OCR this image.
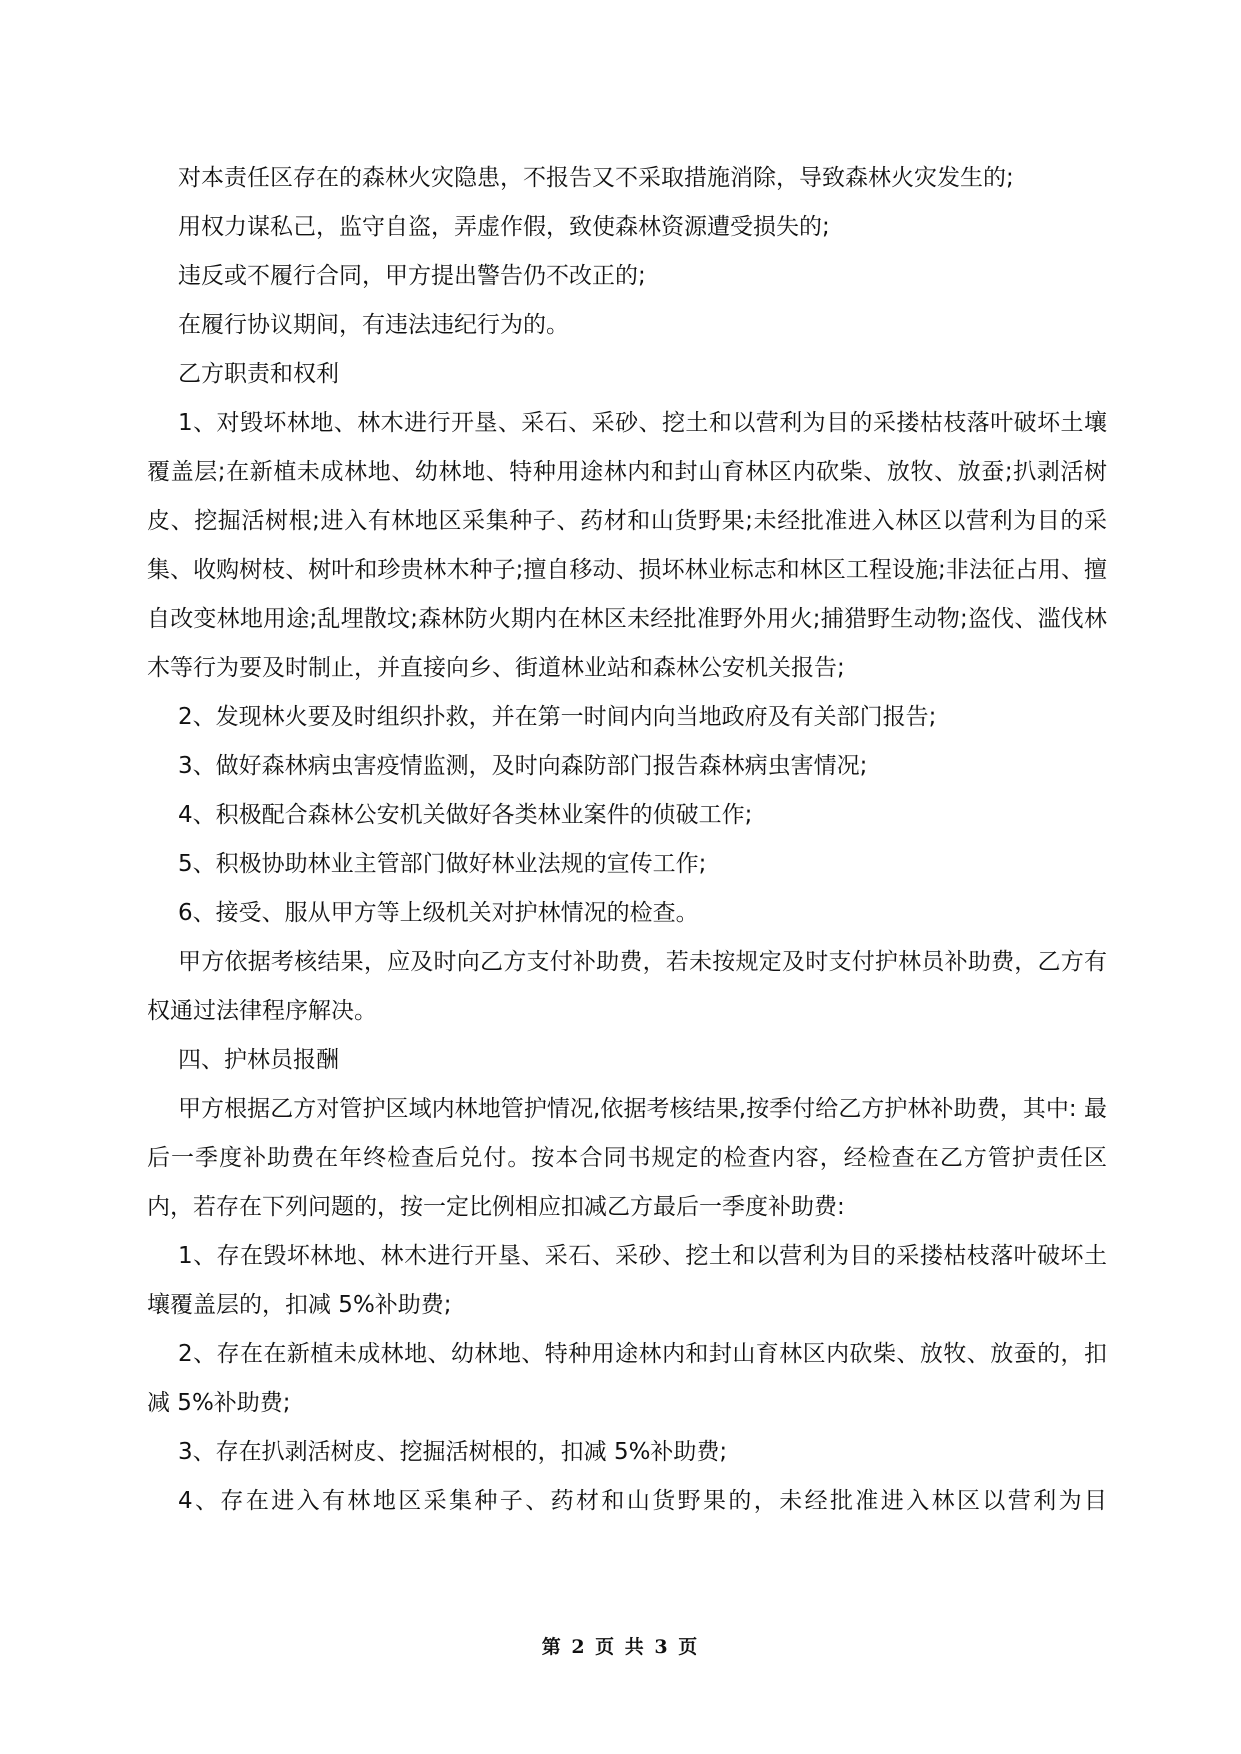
对本责任区存在的森林火灾隐患，不报告又不采取措施消除，导致森林火灾发生的;

用权力谋私己，监守自盗，弄虚作假，致使森林资源遭受损失的;

违反或不履行合同，甲方提出警告仍不改正的;

在履行协议期间，有违法违纪行为的。

乙方职责和权利

1、对毁坏林地、林木进行开垦、采石、采砂、挖土和以营利为目的采搂枯枝落叶破坏土壤覆盖层;在新植未成林地、幼林地、特种用途林内和封山育林区内砍柴、放牧、放蚕;扒剥活树皮、挖掘活树根;进入有林地区采集种子、药材和山货野果;未经批准进入林区以营利为目的采集、收购树枝、树叶和珍贵林木种子;擅自移动、损坏林业标志和林区工程设施;非法征占用、擅自改变林地用途;乱埋散坟;森林防火期内在林区未经批准野外用火;捕猎野生动物;盗伐、滥伐林木等行为要及时制止，并直接向乡、街道林业站和森林公安机关报告;

2、发现林火要及时组织扑救，并在第一时间内向当地政府及有关部门报告;

3、做好森林病虫害疫情监测，及时向森防部门报告森林病虫害情况;

4、积极配合森林公安机关做好各类林业案件的侦破工作;

5、积极协助林业主管部门做好林业法规的宣传工作;

6、接受、服从甲方等上级机关对护林情况的检查。

甲方依据考核结果，应及时向乙方支付补助费，若未按规定及时支付护林员补助费，乙方有权通过法律程序解决。

四、护林员报酬

甲方根据乙方对管护区域内林地管护情况,依据考核结果,按季付给乙方护林补助费，其中: 最后一季度补助费在年终检查后兑付。按本合同书规定的检查内容，经检查在乙方管护责任区内，若存在下列问题的，按一定比例相应扣减乙方最后一季度补助费:

1、存在毁坏林地、林木进行开垦、采石、采砂、挖土和以营利为目的采搂枯枝落叶破坏土壤覆盖层的，扣减 5%补助费;

2、存在在新植未成林地、幼林地、特种用途林内和封山育林区内砍柴、放牧、放蚕的，扣减 5%补助费;

3、存在扒剥活树皮、挖掘活树根的，扣减 5%补助费;

4、存在进入有林地区采集种子、药材和山货野果的，未经批准进入林区以营利为目

第 2 页 共 3 页
